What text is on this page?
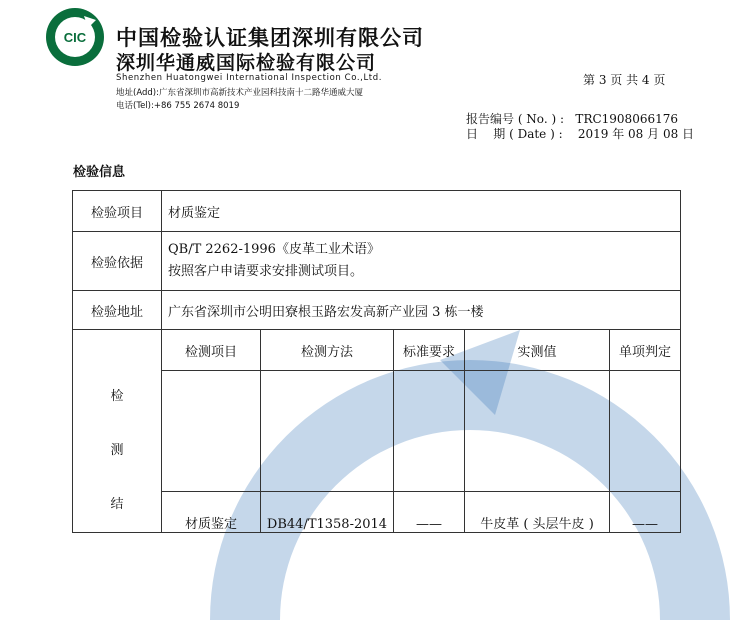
CIC 中国检验认证集团深圳有限公司
深圳华通威国际检验有限公司
Shenzhen Huatongwei International Inspection Co.,Ltd.
地址(Add):广东省深圳市高新技术产业园科技南十二路华通威大厦
电话(Tel):+86 755 2674 8019
第 3 页 共 4 页
报告编号 ( No. ) :   TRC1908066176
日    期 ( Date ) :    2019 年 08 月 08 日
检验信息
检验项目	材质鉴定				
检验依据	QB/T 2262-1996《皮革工业术语》
按照客户申请要求安排测试项目。				

检验地址	广东省深圳市公明田寮根玉路宏发高新产业园 3 栋一楼				

检
测
结	检测项目	检测方法	标准要求	实测值	单项判定

	材质鉴定	DB44/T1358-2014	——	牛皮革 ( 头层牛皮 )	——
